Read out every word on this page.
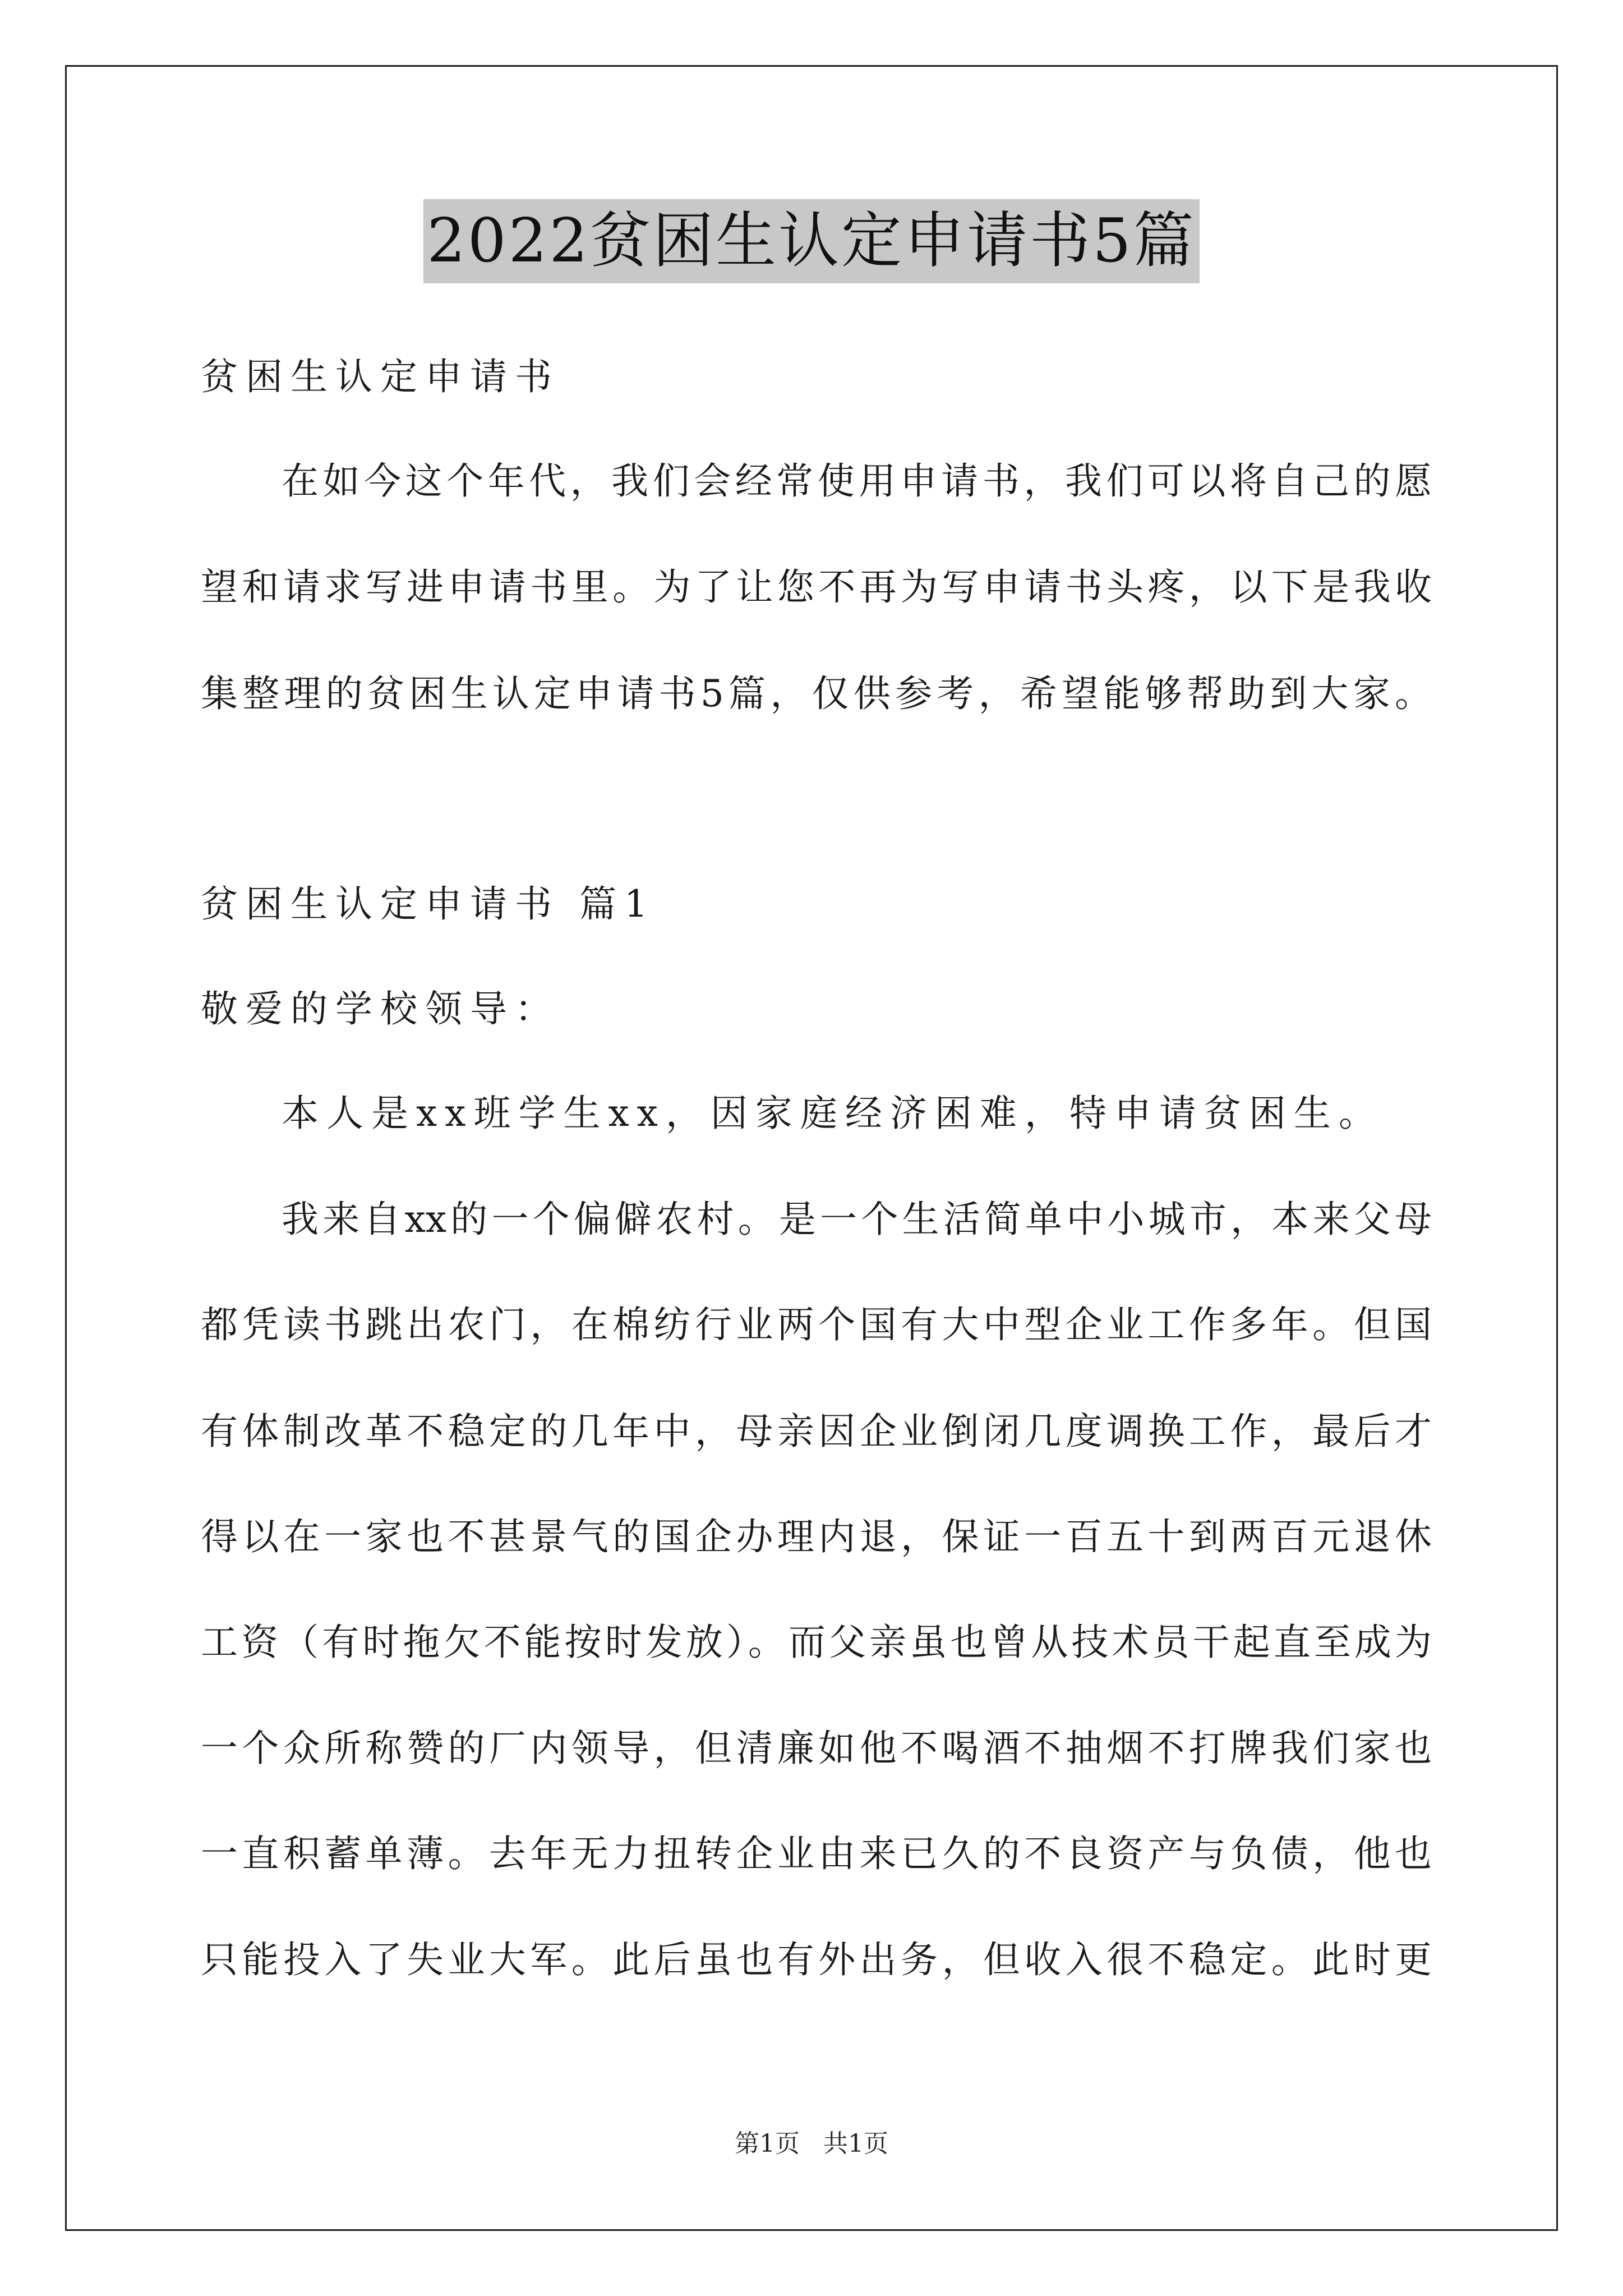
2022贫困生认定申请书5篇
贫困生认定申请书
在如今这个年代，我们会经常使用申请书，我们可以将自己的愿
望和请求写进申请书里。为了让您不再为写申请书头疼，以下是我收
集整理的贫困生认定申请书5篇，仅供参考，希望能够帮助到大家。
贫困生认定申请书 篇1
敬爱的学校领导：
本人是xx班学生xx，因家庭经济困难，特申请贫困生。
我来自xx的一个偏僻农村。是一个生活简单中小城市，本来父母
都凭读书跳出农门，在棉纺行业两个国有大中型企业工作多年。但国
有体制改革不稳定的几年中，母亲因企业倒闭几度调换工作，最后才
得以在一家也不甚景气的国企办理内退，保证一百五十到两百元退休
工资（有时拖欠不能按时发放）。而父亲虽也曾从技术员干起直至成为
一个众所称赞的厂内领导，但清廉如他不喝酒不抽烟不打牌我们家也
一直积蓄单薄。去年无力扭转企业由来已久的不良资产与负债，他也
只能投入了失业大军。此后虽也有外出务，但收入很不稳定。此时更
第1页   共1页
